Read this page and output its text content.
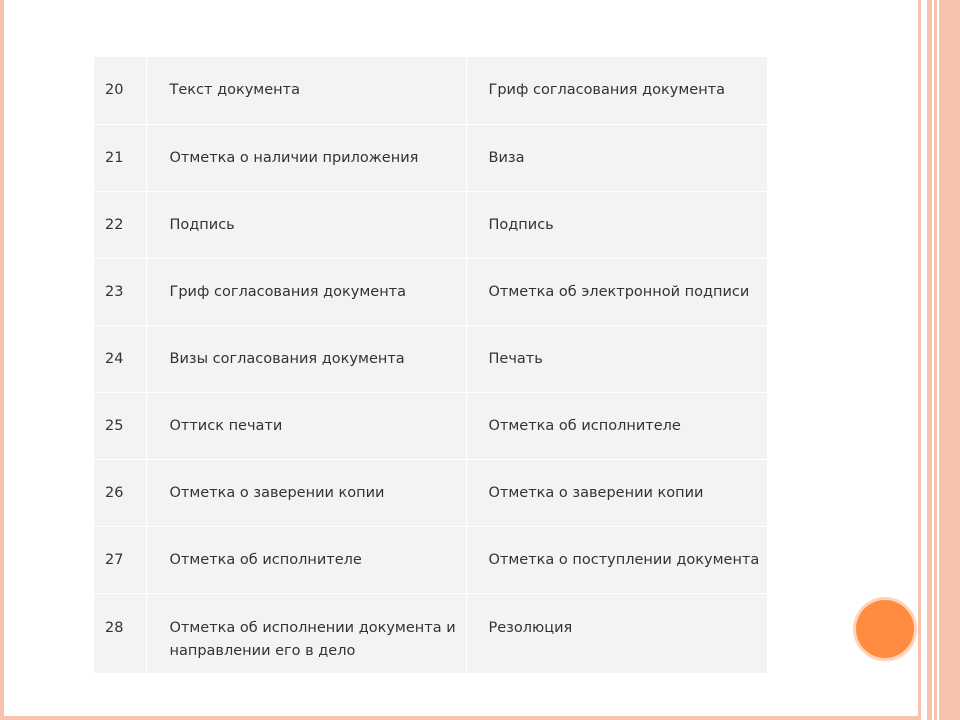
20	Текст документа	Гриф согласования документа
21	Отметка о наличии приложения	Виза
22	Подпись	Подпись
23	Гриф согласования документа	Отметка об электронной подписи
24	Визы согласования документа	Печать
25	Оттиск печати	Отметка об исполнителе
26	Отметка о заверении копии	Отметка о заверении копии
27	Отметка об исполнителе	Отметка о поступлении документа
28	Отметка об исполнении документа и направлении его в дело	Резолюция
